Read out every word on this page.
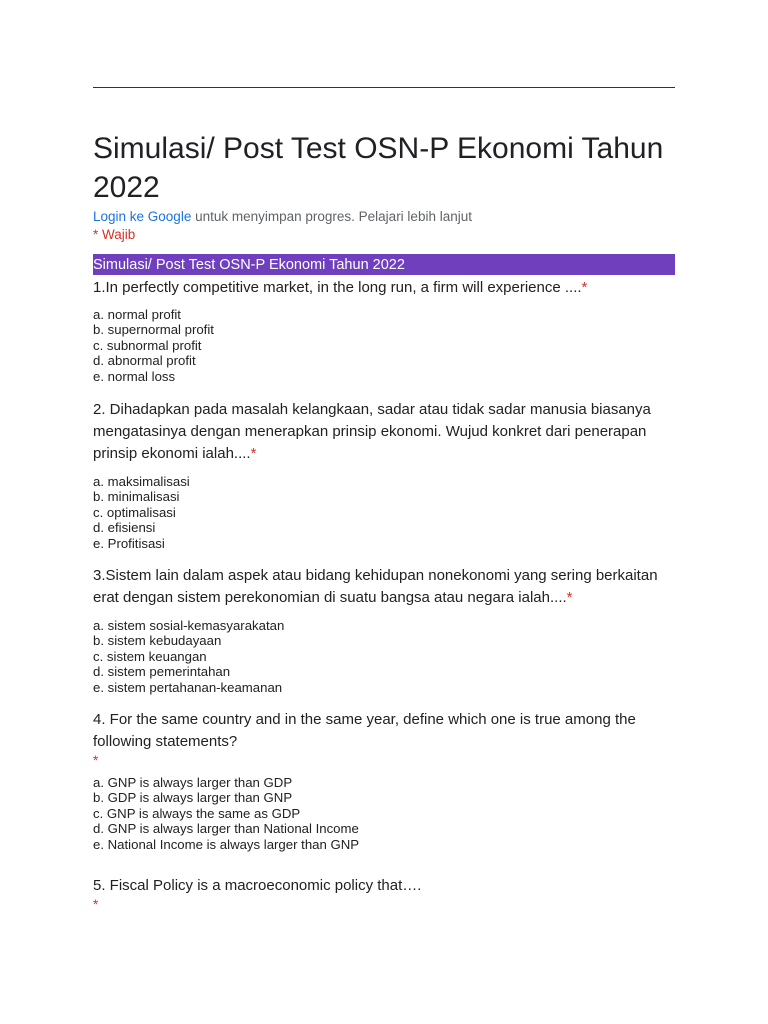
Simulasi/ Post Test OSN-P Ekonomi Tahun 2022
Login ke Google untuk menyimpan progres. Pelajari lebih lanjut
* Wajib
Simulasi/ Post Test OSN-P Ekonomi Tahun 2022

1.In perfectly competitive market, in the long run, a firm will experience ....*

a. normal profit
b. supernormal profit
c. subnormal profit
d. abnormal profit
e. normal loss

2. Dihadapkan pada masalah kelangkaan, sadar atau tidak sadar manusia biasanya mengatasinya dengan menerapkan prinsip ekonomi. Wujud konkret dari penerapan prinsip ekonomi ialah....*

a. maksimalisasi
b. minimalisasi
c. optimalisasi
d. efisiensi
e. Profitisasi

3.Sistem lain dalam aspek atau bidang kehidupan nonekonomi yang sering berkaitan erat dengan sistem perekonomian di suatu bangsa atau negara ialah....*

a. sistem sosial-kemasyarakatan
b. sistem kebudayaan
c. sistem keuangan
d. sistem pemerintahan
e. sistem pertahanan-keamanan

4. For the same country and in the same year, define which one is true among the following statements?

*
a. GNP is always larger than GDP
b. GDP is always larger than GNP
c. GNP is always the same as GDP
d. GNP is always larger than National Income
e. National Income is always larger than GNP

5. Fiscal Policy is a macroeconomic policy that….

*
